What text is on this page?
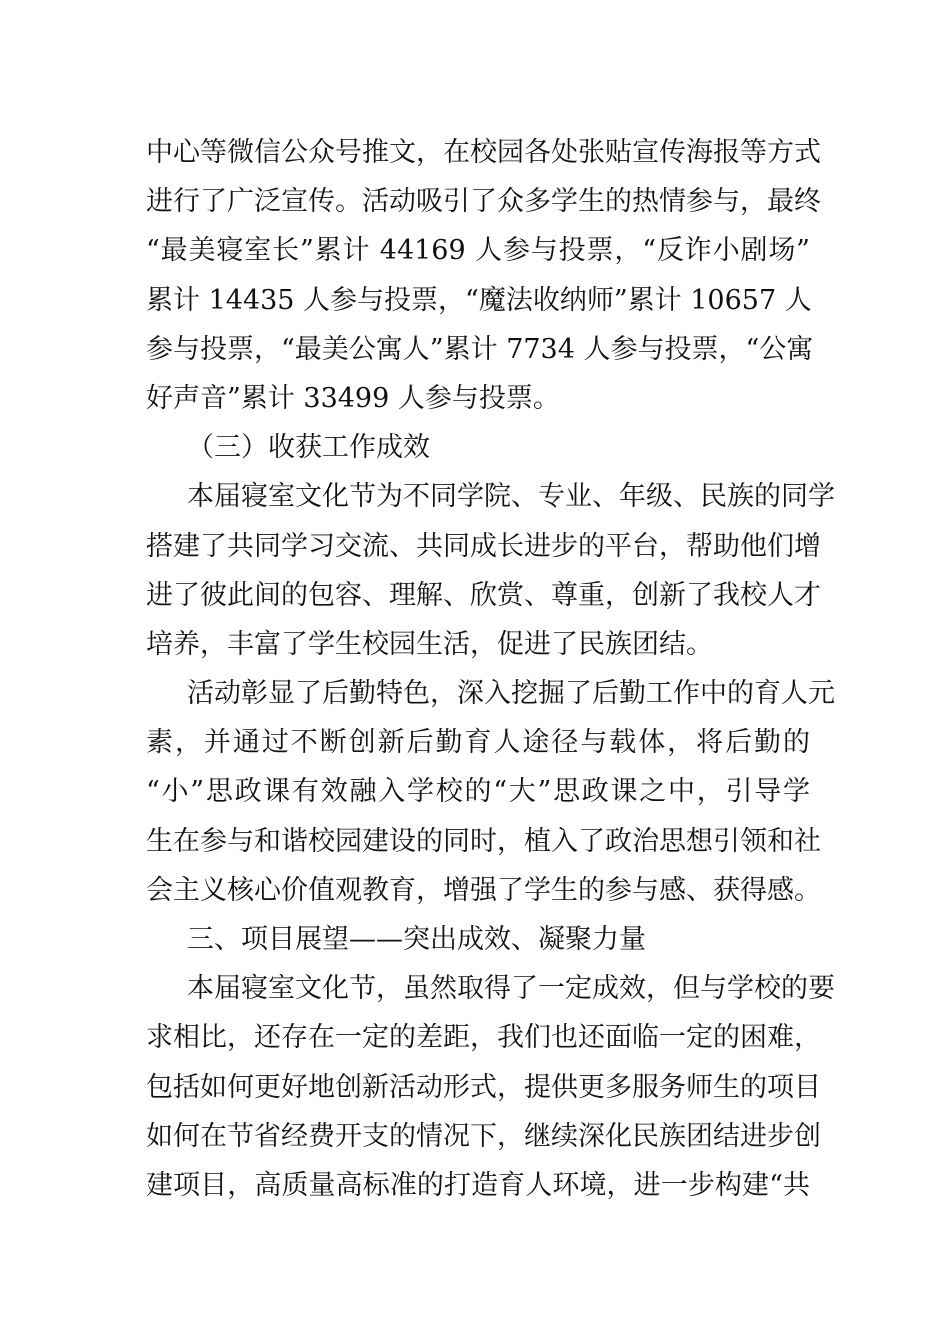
中心等微信公众号推文，在校园各处张贴宣传海报等方式
进行了广泛宣传。活动吸引了众多学生的热情参与，最终
“最美寝室长”累计 44169 人参与投票，“反诈小剧场”
累计 14435 人参与投票，“魔法收纳师”累计 10657 人
参与投票，“最美公寓人”累计 7734 人参与投票，“公寓
好声音”累计 33499 人参与投票。
（三）收获工作成效
本届寝室文化节为不同学院、专业、年级、民族的同学
搭建了共同学习交流、共同成长进步的平台，帮助他们增
进了彼此间的包容、理解、欣赏、尊重，创新了我校人才
培养，丰富了学生校园生活，促进了民族团结。
活动彰显了后勤特色，深入挖掘了后勤工作中的育人元
素，并通过不断创新后勤育人途径与载体，将后勤的
“小”思政课有效融入学校的“大”思政课之中，引导学
生在参与和谐校园建设的同时，植入了政治思想引领和社
会主义核心价值观教育，增强了学生的参与感、获得感。
三、项目展望——突出成效、凝聚力量
本届寝室文化节，虽然取得了一定成效，但与学校的要
求相比，还存在一定的差距，我们也还面临一定的困难，
包括如何更好地创新活动形式，提供更多服务师生的项目
如何在节省经费开支的情况下，继续深化民族团结进步创
建项目，高质量高标准的打造育人环境，进一步构建“共
